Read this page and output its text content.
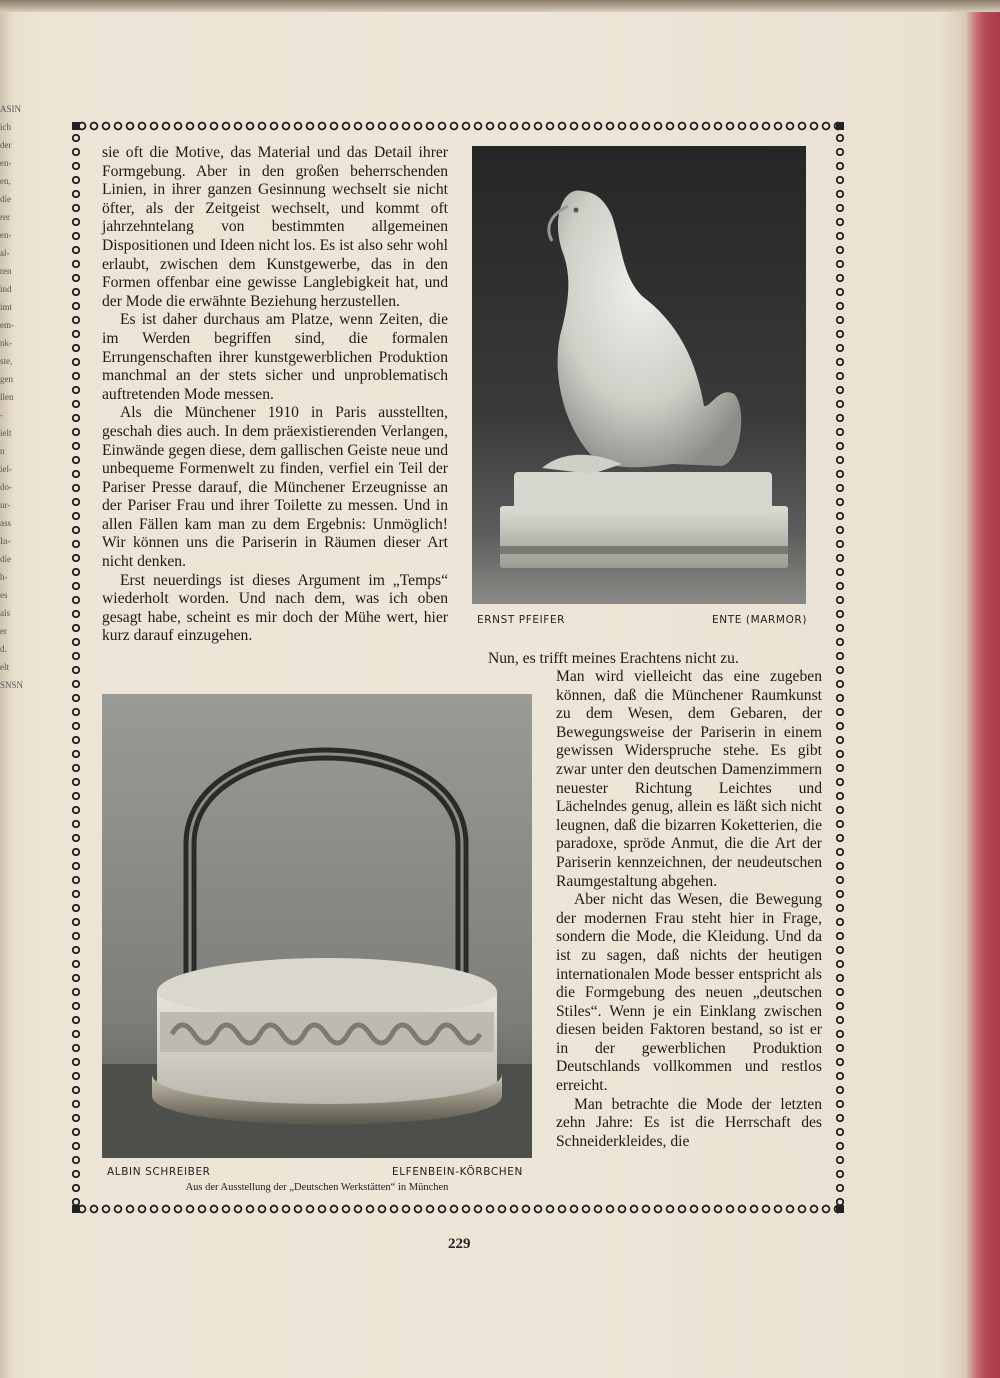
ASIN
ich
der
en-
en,
die
rer
en-
al-
ren
ind
imt
em-
nk-
ste,
gen
llen
-
ielt
n
iel-
do-
ur-
ass
In-
die
h-
es
als
er
d.
elt
SNSN

sie oft die Motive, das Material und das Detail ihrer Formgebung. Aber in den großen beherrschenden Linien, in ihrer ganzen Gesinnung wechselt sie nicht öfter, als der Zeitgeist wechselt, und kommt oft jahrzehntelang von bestimmten allgemeinen Dispositionen und Ideen nicht los. Es ist also sehr wohl erlaubt, zwischen dem Kunstgewerbe, das in den Formen offenbar eine gewisse Langlebigkeit hat, und der Mode die erwähnte Beziehung herzustellen.

Es ist daher durchaus am Platze, wenn Zeiten, die im Werden begriffen sind, die formalen Errungenschaften ihrer kunstgewerblichen Produktion manchmal an der stets sicher und unproblematisch auftretenden Mode messen.

Als die Münchener 1910 in Paris ausstellten, geschah dies auch. In dem präexistierenden Verlangen, Einwände gegen diese, dem gallischen Geiste neue und unbequeme Formenwelt zu finden, verfiel ein Teil der Pariser Presse darauf, die Münchener Erzeugnisse an der Pariser Frau und ihrer Toilette zu messen. Und in allen Fällen kam man zu dem Ergebnis: Unmöglich! Wir können uns die Pariserin in Räumen dieser Art nicht denken.

Erst neuerdings ist dieses Argument im „Temps“ wiederholt worden. Und nach dem, was ich oben gesagt habe, scheint es mir doch der Mühe wert, hier kurz darauf einzugehen.

ERNST PFEIFER	ENTE (MARMOR)
ALBIN SCHREIBER	ELFENBEIN-KÖRBCHEN
Aus der Ausstellung der „Deutschen Werkstätten“ in München

Nun, es trifft meines Erachtens nicht zu.

Man wird vielleicht das eine zugeben können, daß die Münchener Raumkunst zu dem Wesen, dem Gebaren, der Bewegungsweise der Pariserin in einem gewissen Widerspruche stehe. Es gibt zwar unter den deutschen Damenzimmern neuester Richtung Leichtes und Lächelndes genug, allein es läßt sich nicht leugnen, daß die bizarren Koketterien, die paradoxe, spröde Anmut, die die Art der Pariserin kennzeichnen, der neudeutschen Raumgestaltung abgehen.

Aber nicht das Wesen, die Bewegung der modernen Frau steht hier in Frage, sondern die Mode, die Kleidung. Und da ist zu sagen, daß nichts der heutigen internationalen Mode besser entspricht als die Formgebung des neuen „deutschen Stiles“. Wenn je ein Einklang zwischen diesen beiden Faktoren bestand, so ist er in der gewerblichen Produktion Deutschlands vollkommen und restlos erreicht.

Man betrachte die Mode der letzten zehn Jahre: Es ist die Herrschaft des Schneiderkleides, die

229
